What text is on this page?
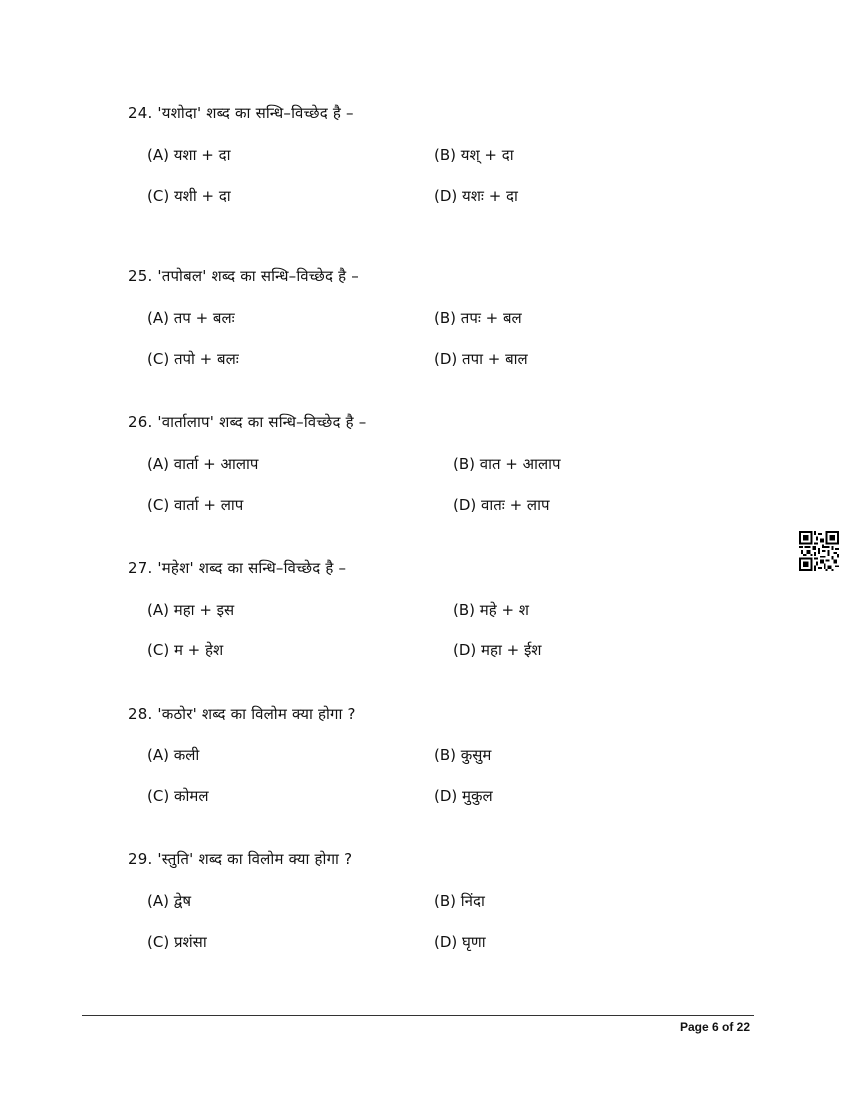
24. 'यशोदा' शब्द का सन्धि–विच्छेद है –
(A) यशा + दा	(B) यश् + दा
(C) यशी + दा	(D) यशः + दा
25. 'तपोबल' शब्द का सन्धि–विच्छेद है –
(A) तप + बलः	(B) तपः + बल
(C) तपो + बलः	(D) तपा + बाल
26. 'वार्तालाप' शब्द का सन्धि–विच्छेद है –
(A) वार्ता + आलाप	(B) वात + आलाप
(C) वार्ता + लाप	(D) वातः + लाप
27. 'महेश' शब्द का सन्धि–विच्छेद है –
(A) महा + इस	(B) महे + श
(C) म + हेश	(D) महा + ईश
28. 'कठोर' शब्द का विलोम क्या होगा ?
(A) कली	(B) कुसुम
(C) कोमल	(D) मुकुल
29. 'स्तुति' शब्द का विलोम क्या होगा ?
(A) द्वेष	(B) निंदा
(C) प्रशंसा	(D) घृणा
Page 6 of 22
